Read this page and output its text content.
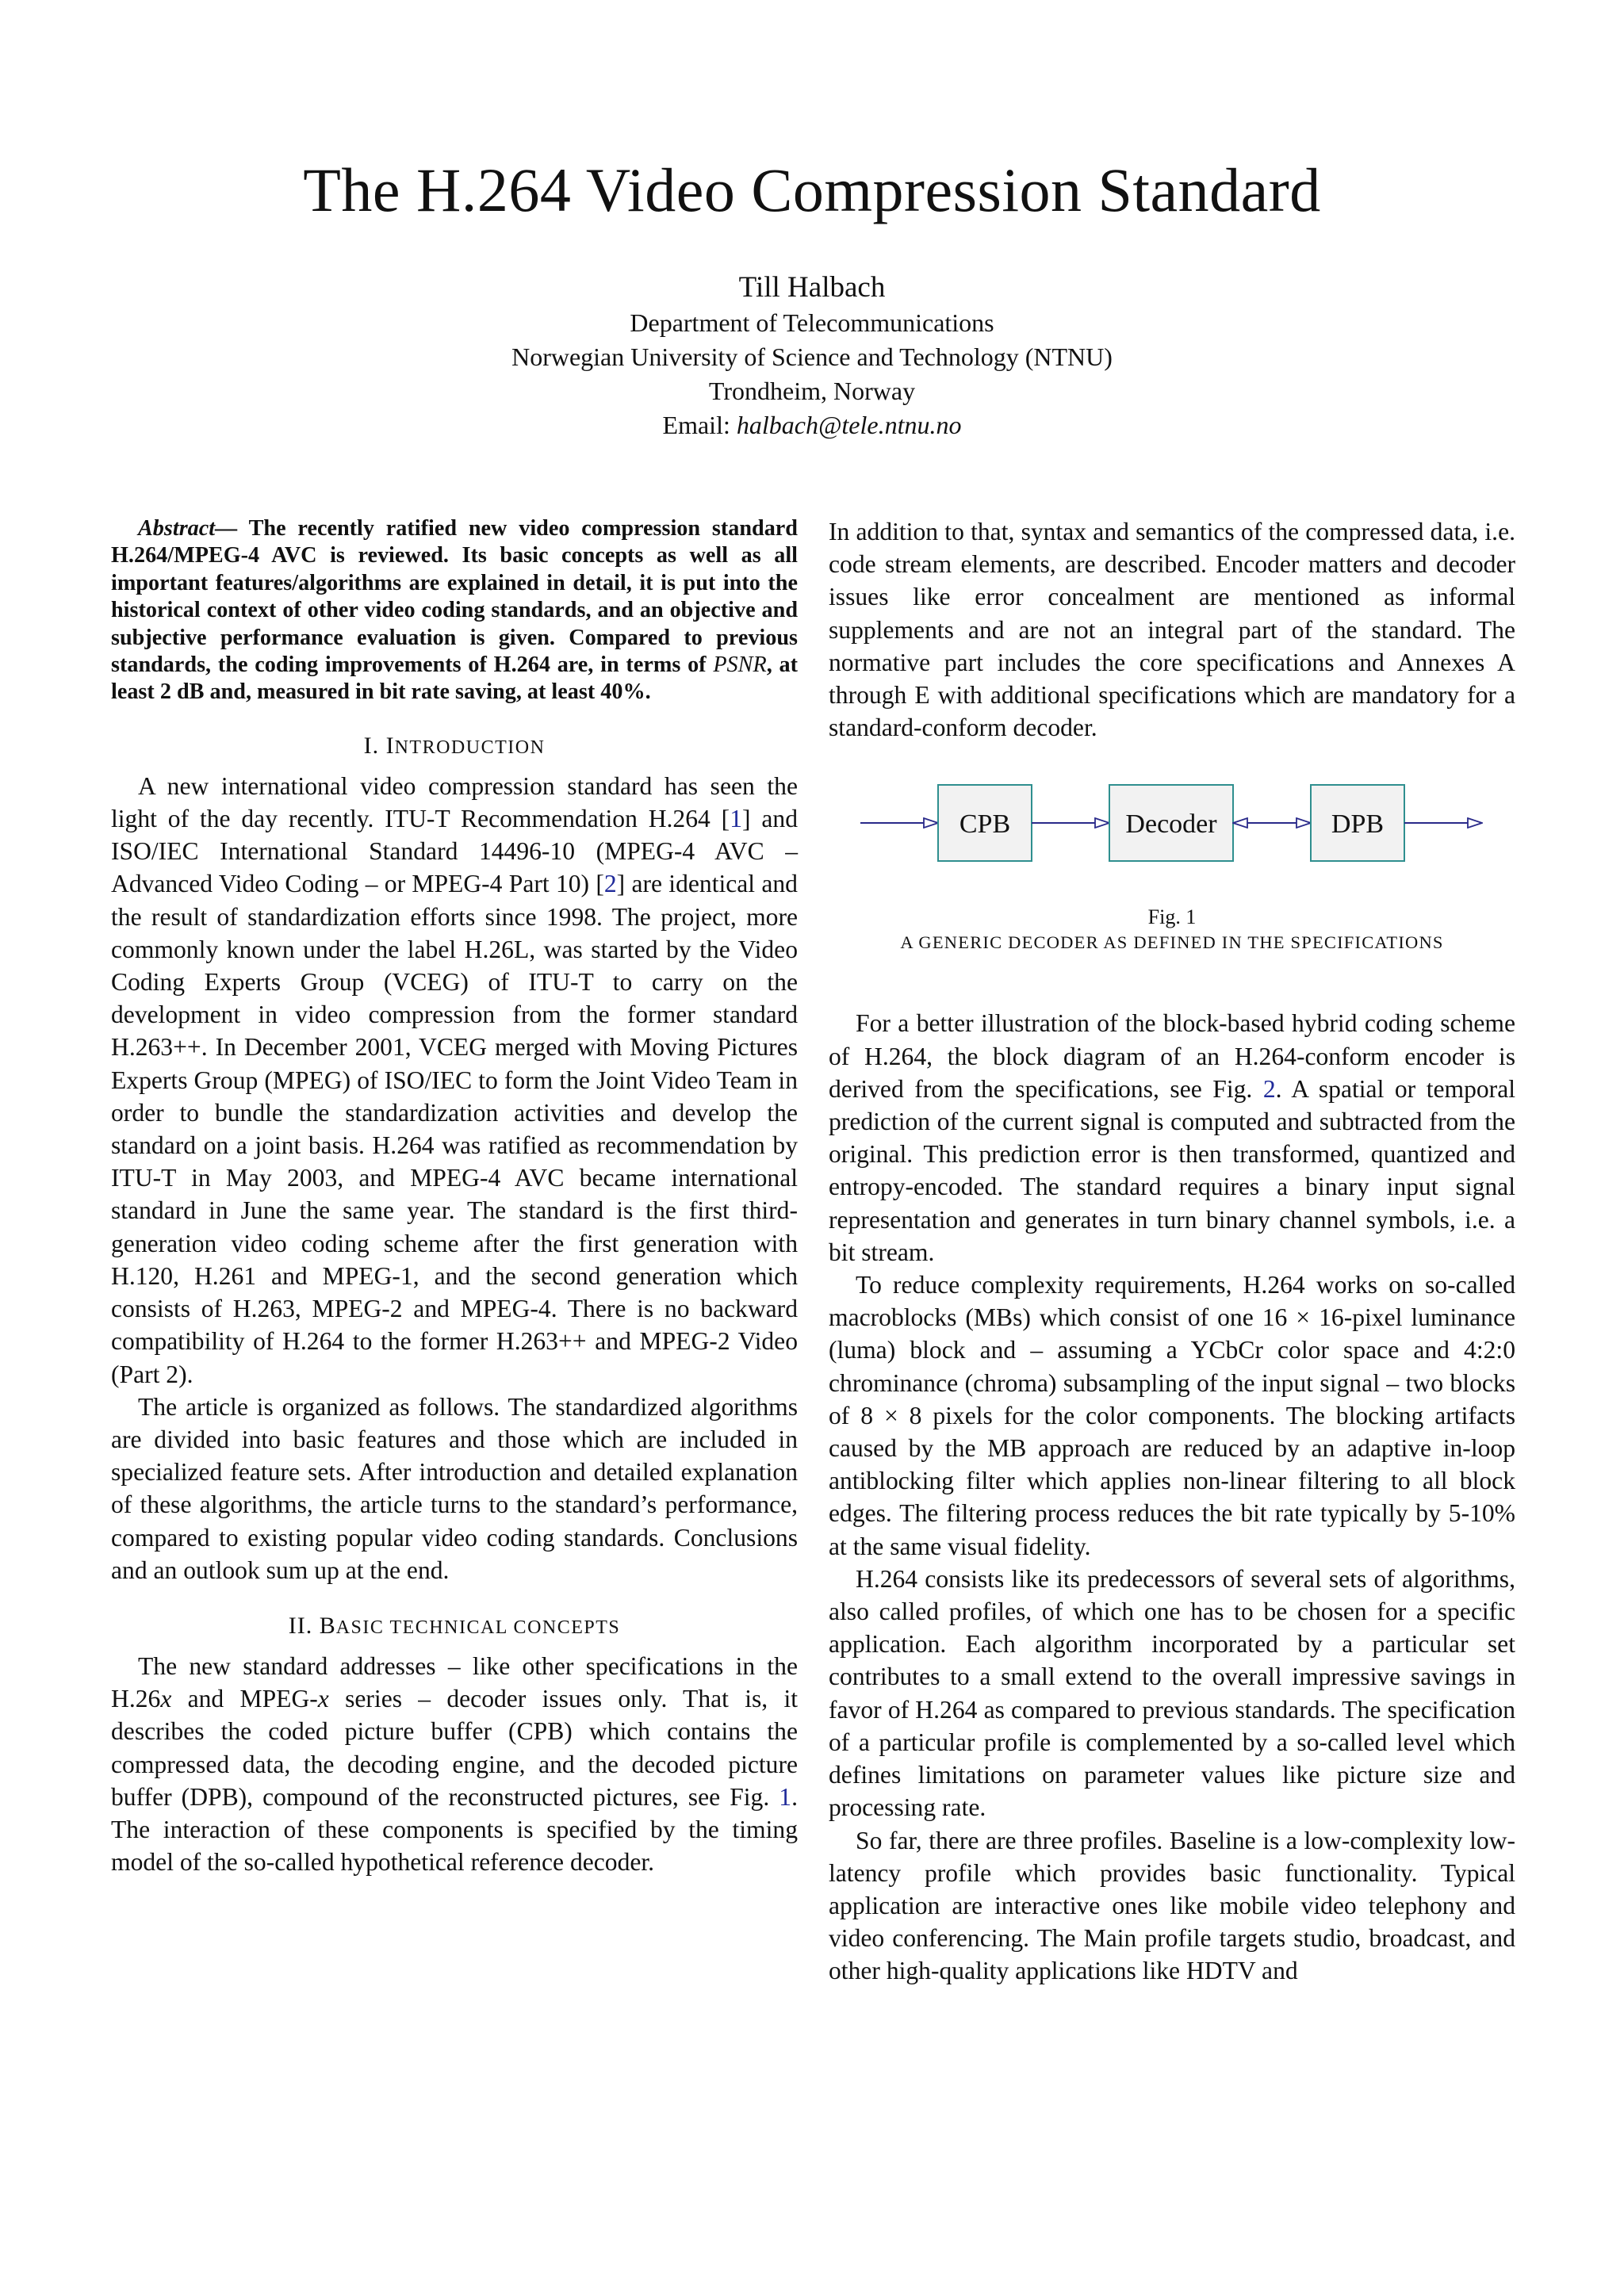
The H.264 Video Compression Standard
Till Halbach
Department of Telecommunications
Norwegian University of Science and Technology (NTNU)
Trondheim, Norway
Email: halbach@tele.ntnu.no
Abstract— The recently ratified new video compression standard H.264/MPEG-4 AVC is reviewed. Its basic concepts as well as all important features/algorithms are explained in detail, it is put into the historical context of other video coding standards, and an objective and subjective performance evaluation is given. Compared to previous standards, the coding improvements of H.264 are, in terms of PSNR, at least 2 dB and, measured in bit rate saving, at least 40%.
I. INTRODUCTION

A new international video compression standard has seen the light of the day recently. ITU-T Recommendation H.264 [1] and ISO/IEC International Standard 14496-10 (MPEG-4 AVC – Advanced Video Coding – or MPEG-4 Part 10) [2] are identical and the result of standardization efforts since 1998. The project, more commonly known under the label H.26L, was started by the Video Coding Experts Group (VCEG) of ITU-T to carry on the development in video compression from the former standard H.263++. In December 2001, VCEG merged with Moving Pictures Experts Group (MPEG) of ISO/IEC to form the Joint Video Team in order to bundle the standardization activities and develop the standard on a joint basis. H.264 was ratified as recommendation by ITU-T in May 2003, and MPEG-4 AVC became international standard in June the same year. The standard is the first third-generation video coding scheme after the first generation with H.120, H.261 and MPEG-1, and the second generation which consists of H.263, MPEG-2 and MPEG-4. There is no backward compatibility of H.264 to the former H.263++ and MPEG-2 Video (Part 2).

The article is organized as follows. The standardized algorithms are divided into basic features and those which are included in specialized feature sets. After introduction and detailed explanation of these algorithms, the article turns to the standard’s performance, compared to existing popular video coding standards. Conclusions and an outlook sum up at the end.

II. BASIC TECHNICAL CONCEPTS

The new standard addresses – like other specifications in the H.26x and MPEG-x series – decoder issues only. That is, it describes the coded picture buffer (CPB) which contains the compressed data, the decoding engine, and the decoded picture buffer (DPB), compound of the reconstructed pictures, see Fig. 1. The interaction of these components is specified by the timing model of the so-called hypothetical reference decoder.

In addition to that, syntax and semantics of the compressed data, i.e. code stream elements, are described. Encoder matters and decoder issues like error concealment are mentioned as informal supplements and are not an integral part of the standard. The normative part includes the core specifications and Annexes A through E with additional specifications which are mandatory for a standard-conform decoder.

CPB	Decoder	DPB
Fig. 1
A GENERIC DECODER AS DEFINED IN THE SPECIFICATIONS

For a better illustration of the block-based hybrid coding scheme of H.264, the block diagram of an H.264-conform encoder is derived from the specifications, see Fig. 2. A spatial or temporal prediction of the current signal is computed and subtracted from the original. This prediction error is then transformed, quantized and entropy-encoded. The standard requires a binary input signal representation and generates in turn binary channel symbols, i.e. a bit stream.

To reduce complexity requirements, H.264 works on so-called macroblocks (MBs) which consist of one 16 × 16-pixel luminance (luma) block and – assuming a YCbCr color space and 4:2:0 chrominance (chroma) subsampling of the input signal – two blocks of 8 × 8 pixels for the color components. The blocking artifacts caused by the MB approach are reduced by an adaptive in-loop antiblocking filter which applies non-linear filtering to all block edges. The filtering process reduces the bit rate typically by 5-10% at the same visual fidelity.

H.264 consists like its predecessors of several sets of algorithms, also called profiles, of which one has to be chosen for a specific application. Each algorithm incorporated by a particular set contributes to a small extend to the overall impressive savings in favor of H.264 as compared to previous standards. The specification of a particular profile is complemented by a so-called level which defines limitations on parameter values like picture size and processing rate.

So far, there are three profiles. Baseline is a low-complexity low-latency profile which provides basic functionality. Typical application are interactive ones like mobile video telephony and video conferencing. The Main profile targets studio, broadcast, and other high-quality applications like HDTV and
